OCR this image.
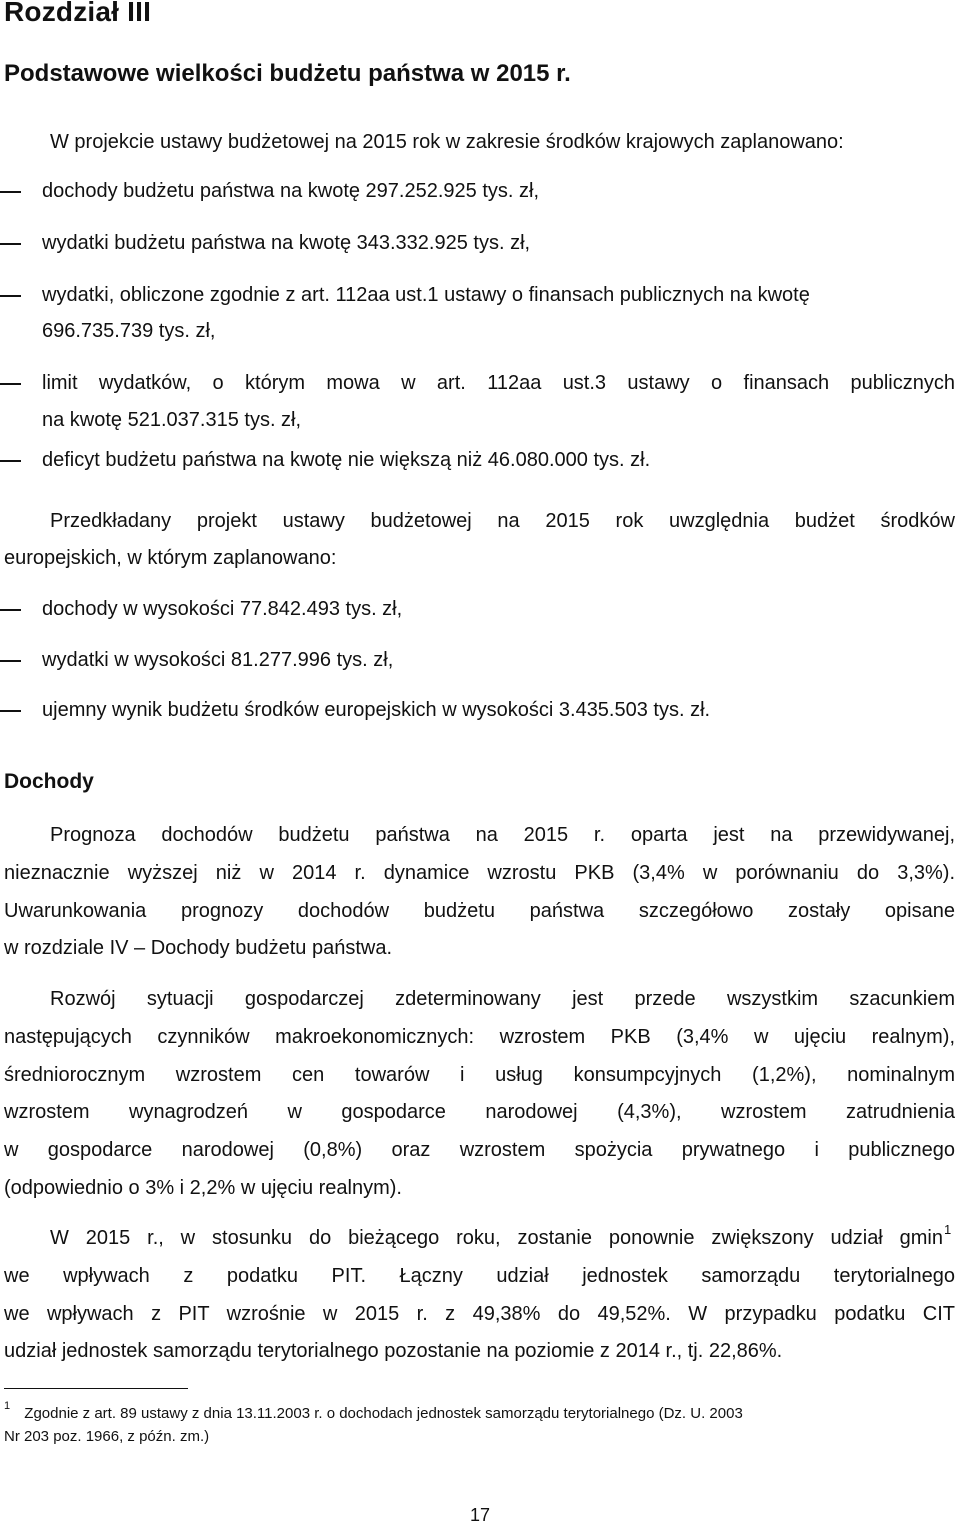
Rozdział III
Podstawowe wielkości budżetu państwa w 2015 r.
W projekcie ustawy budżetowej na 2015 rok w zakresie środków krajowych zaplanowano:
dochody budżetu państwa na kwotę 297.252.925 tys. zł,
wydatki budżetu państwa na kwotę 343.332.925 tys. zł,
wydatki, obliczone zgodnie z art. 112aa ust.1 ustawy o finansach publicznych na kwotę
696.735.739 tys. zł,
limit wydatków, o którym mowa w art. 112aa ust.3 ustawy o finansach publicznych
na kwotę 521.037.315 tys. zł,
deficyt budżetu państwa na kwotę nie większą niż 46.080.000 tys. zł.
Przedkładany projekt ustawy budżetowej na 2015 rok uwzględnia budżet środków
europejskich, w którym zaplanowano:
dochody w wysokości 77.842.493 tys. zł,
wydatki w wysokości 81.277.996 tys. zł,
ujemny wynik budżetu środków europejskich w wysokości 3.435.503 tys. zł.
Dochody
Prognoza dochodów budżetu państwa na 2015 r. oparta jest na przewidywanej,
nieznacznie wyższej niż w 2014 r. dynamice wzrostu PKB (3,4% w porównaniu do 3,3%).
Uwarunkowania prognozy dochodów budżetu państwa szczegółowo zostały opisane
w rozdziale IV – Dochody budżetu państwa.
Rozwój sytuacji gospodarczej zdeterminowany jest przede wszystkim szacunkiem
następujących czynników makroekonomicznych: wzrostem PKB (3,4% w ujęciu realnym),
średniorocznym wzrostem cen towarów i usług konsumpcyjnych (1,2%), nominalnym
wzrostem wynagrodzeń w gospodarce narodowej (4,3%), wzrostem zatrudnienia
w gospodarce narodowej (0,8%) oraz wzrostem spożycia prywatnego i publicznego
(odpowiednio o 3% i 2,2% w ujęciu realnym).
W 2015 r., w stosunku do bieżącego roku, zostanie ponownie zwiększony udział gmin
we wpływach z podatku PIT. Łączny udział jednostek samorządu terytorialnego
we wpływach z PIT wzrośnie w 2015 r. z 49,38% do 49,52%. W przypadku podatku CIT
udział jednostek samorządu terytorialnego pozostanie na poziomie z 2014 r., tj. 22,86%.
1
$^1$ Zgodnie z art. 89 ustawy z dnia 13.11.2003 r. o dochodach jednostek samorządu terytorialnego (Dz. U. 2003
Nr 203 poz. 1966, z późn. zm.)
17
